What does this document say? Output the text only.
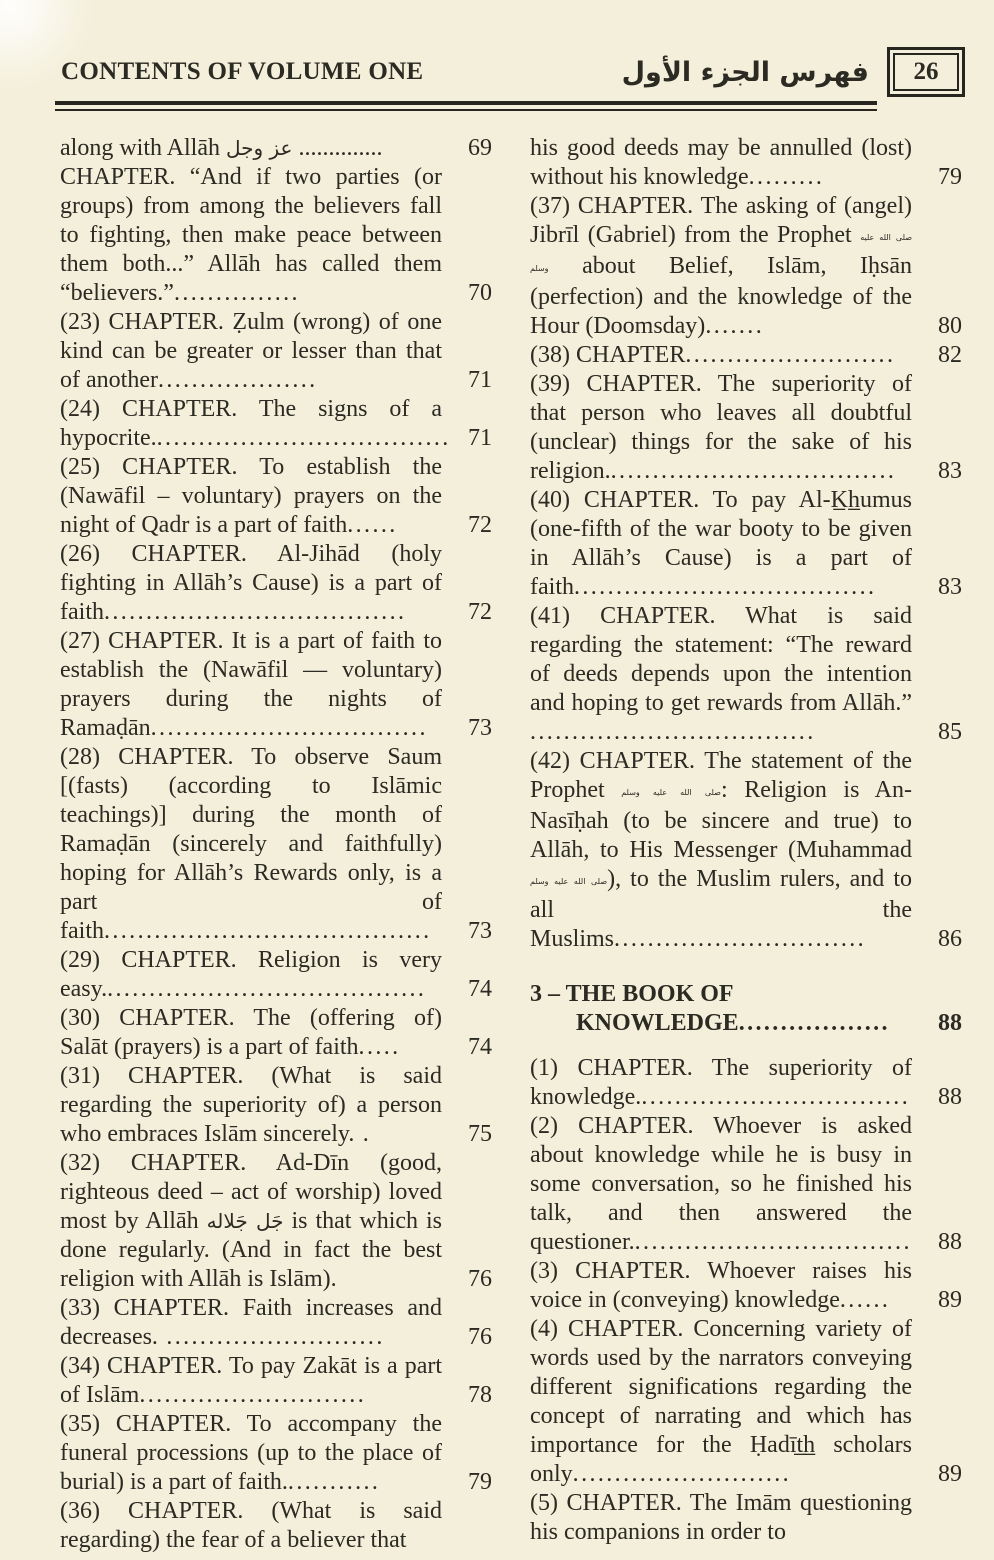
CONTENTS OF VOLUME ONE	فهرس الجزء الأول	26

along with Allāh عز وجل ..............	69

CHAPTER. “And if two parties (or groups) from among the believers fall to fighting, then make peace between them both...” Allāh has called them “believers.”...............	70

(23) CHAPTER. Ẓulm (wrong) of one kind can be greater or lesser than that of another...................	71

(24) CHAPTER. The signs of a hypocrite.................................... 71

(25) CHAPTER. To establish the (Nawāfil – voluntary) prayers on the night of Qadr is a part of faith......	72

(26) CHAPTER. Al-Jihād (holy fighting in Allāh’s Cause) is a part of faith....................................	72

(27) CHAPTER. It is a part of faith to establish the (Nawāfil — voluntary) prayers during the nights of Ramaḍān................................. 73

(28) CHAPTER. To observe Saum [(fasts) (according to Islāmic teachings)] during the month of Ramaḍān (sincerely and faithfully) hoping for Allāh’s Rewards only, is a part of faith....................................... 73

(29) CHAPTER. Religion is very easy....................................... 74

(30) CHAPTER. The (offering of) Salāt (prayers) is a part of faith.....	74

(31) CHAPTER. (What is said regarding the superiority of) a person who embraces Islām sincerely. .	75

(32) CHAPTER. Ad-Dīn (good, righteous deed – act of worship) loved most by Allāh جَل جَلاله is that which is done regularly. (And in fact the best religion with Allāh is Islām).	76

(33) CHAPTER. Faith increases and decreases. ..........................	76

(34) CHAPTER. To pay Zakāt is a part of Islām...........................	78

(35) CHAPTER. To accompany the funeral processions (up to the place of burial) is a part of faith............	79

(36) CHAPTER. (What is said regarding) the fear of a believer that

his good deeds may be annulled (lost) without his knowledge.........	79

(37) CHAPTER. The asking of (angel) Jibrīl (Gabriel) from the Prophet صلى الله عليه وسلم about Belief, Islām, Iḥsān (perfection) and the knowledge of the Hour (Doomsday).......	80

(38) CHAPTER......................... 82

(39) CHAPTER. The superiority of that person who leaves all doubtful (unclear) things for the sake of his religion................................... 83

(40) CHAPTER. To pay Al-K̲h̲umus (one-fifth of the war booty to be given in Allāh’s Cause) is a part of faith....................................	83

(41) CHAPTER. What is said regarding the statement: “The reward of deeds depends upon the intention and hoping to get rewards from Allāh.” ..................................	85

(42) CHAPTER. The statement of the Prophet صلى الله عليه وسلم: Religion is An-Nasīḥah (to be sincere and true) to Allāh, to His Messenger (Muhammad صلى الله عليه وسلم), to the Muslim rulers, and to all the Muslims..............................	86

3 – THE BOOK OF
KNOWLEDGE.................. 88

(1) CHAPTER. The superiority of knowledge................................. 88

(2) CHAPTER. Whoever is asked about knowledge while he is busy in some conversation, so he finished his talk, and then answered the questioner.................................. 88

(3) CHAPTER. Whoever raises his voice in (conveying) knowledge...... 89

(4) CHAPTER. Concerning variety of words used by the narrators conveying different significations regarding the concept of narrating and which has importance for the Ḥadīt̲h̲ scholars only..........................	89

(5) CHAPTER. The Imām questioning his companions in order to
